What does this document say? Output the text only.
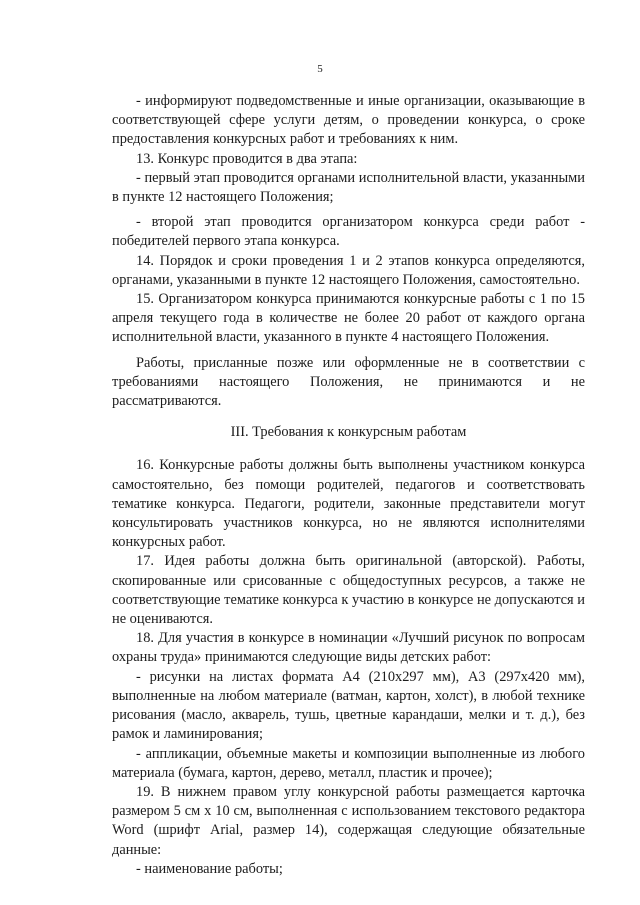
5

- информируют подведомственные и иные организации, оказывающие в соответствующей сфере услуги детям, о проведении конкурса, о сроке предоставления конкурсных работ и требованиях к ним.

13. Конкурс проводится в два этапа:

- первый этап проводится органами исполнительной власти, указанными в пункте 12 настоящего Положения;

- второй этап проводится организатором конкурса среди работ - победителей первого этапа конкурса.

14. Порядок и сроки проведения 1 и 2 этапов конкурса определяются, органами, указанными в пункте 12 настоящего Положения, самостоятельно.

15. Организатором конкурса принимаются конкурсные работы с 1 по 15 апреля текущего года в количестве не более 20 работ от каждого органа исполнительной власти, указанного в пункте 4 настоящего Положения.

Работы, присланные позже или оформленные не в соответствии с требованиями настоящего Положения, не принимаются и не рассматриваются.

III. Требования к конкурсным работам

16. Конкурсные работы должны быть выполнены участником конкурса самостоятельно, без помощи родителей, педагогов и соответствовать тематике конкурса. Педагоги, родители, законные представители могут консультировать участников конкурса, но не являются исполнителями конкурсных работ.

17. Идея работы должна быть оригинальной (авторской). Работы, скопированные или срисованные с общедоступных ресурсов, а также не соответствующие тематике конкурса к участию в конкурсе не допускаются и не оцениваются.

18. Для участия в конкурсе в номинации «Лучший рисунок по вопросам охраны труда» принимаются следующие виды детских работ:

- рисунки на листах формата А4 (210х297 мм), А3 (297х420 мм), выполненные на любом материале (ватман, картон, холст), в любой технике рисования (масло, акварель, тушь, цветные карандаши, мелки и т. д.), без рамок и ламинирования;

- аппликации, объемные макеты и композиции выполненные из любого материала (бумага, картон, дерево, металл, пластик и прочее);

19. В нижнем правом углу конкурсной работы размещается карточка размером 5 см х 10 см, выполненная с использованием текстового редактора Word (шрифт Arial, размер 14), содержащая следующие обязательные данные:

- наименование работы;
